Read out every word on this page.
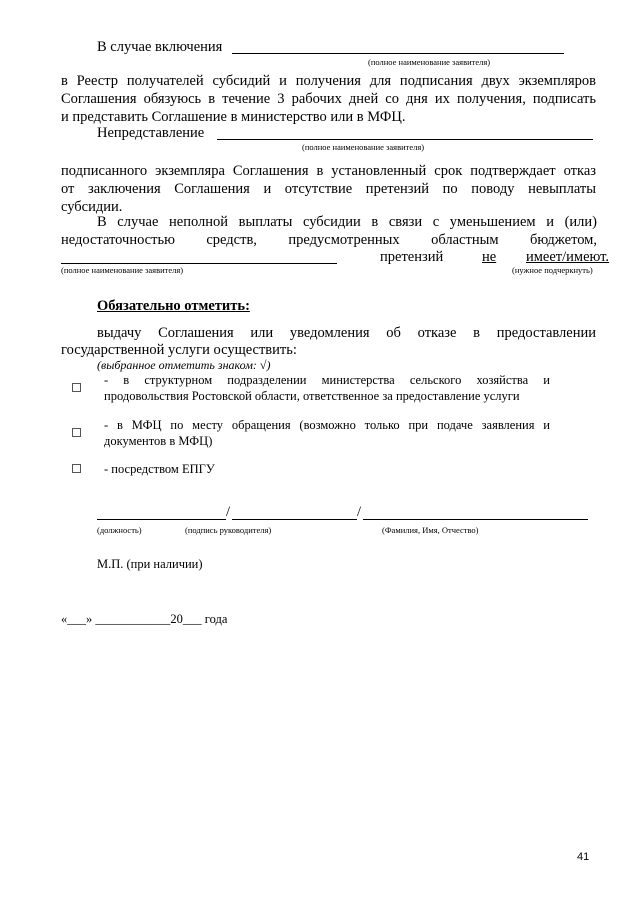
В случае включения
(полное наименование заявителя)
в Реестр получателей субсидий и получения для подписания двух экземпляров
Соглашения обязуюсь в течение 3 рабочих дней со дня их получения, подписать
и представить Соглашение в министерство или в МФЦ.
Непредставление
(полное наименование заявителя)
подписанного экземпляра Соглашения в установленный срок подтверждает отказ
от заключения Соглашения и отсутствие претензий по поводу невыплаты
субсидии.
В случае неполной выплаты субсидии в связи с уменьшением и (или)
недостаточностью средств, предусмотренных областным бюджетом,
претензий	не имеет/имеют.
(полное наименование заявителя)	(нужное подчеркнуть)
Обязательно отметить:
выдачу Соглашения или уведомления об отказе в предоставлении
государственной услуги осуществить:
(выбранное отметить знаком: √)
- в структурном подразделении министерства сельского хозяйства и
продовольствия Ростовской области, ответственное за предоставление услуги
- в МФЦ по месту обращения (возможно только при подаче заявления и
документов в МФЦ)
- посредством ЕПГУ
/	/
(должность)	(подпись руководителя)	(Фамилия, Имя, Отчество)
М.П. (при наличии)
«___» ____________20___ года
41
